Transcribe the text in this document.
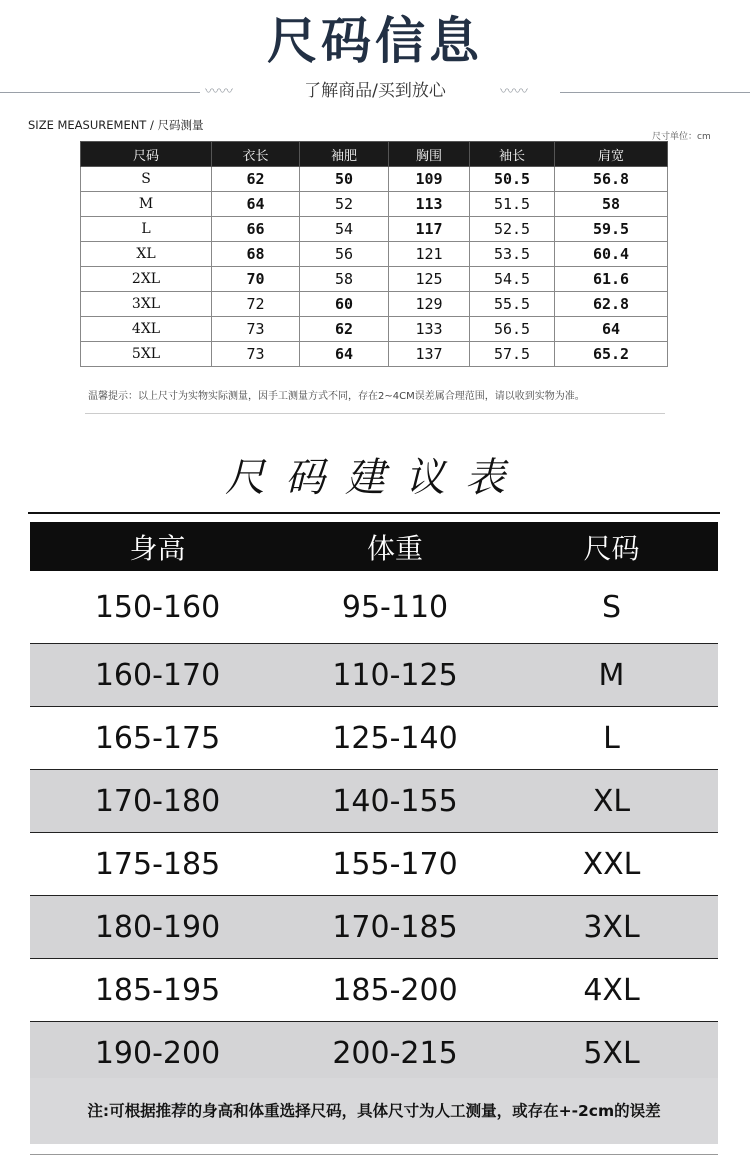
尺码信息
〰〰	了解商品/买到放心	〰〰
SIZE MEASUREMENT / 尺码测量
尺寸单位：cm
尺码	衣长	袖肥	胸围	袖长	肩宽
S	62	50	109	50.5	56.8
M	64	52	113	51.5	58
L	66	54	117	52.5	59.5
XL	68	56	121	53.5	60.4
2XL	70	58	125	54.5	61.6
3XL	72	60	129	55.5	62.8
4XL	73	62	133	56.5	64
5XL	73	64	137	57.5	65.2
温馨提示：以上尺寸为实物实际测量，因手工测量方式不同，存在2~4CM误差属合理范围，请以收到实物为准。
尺码建议表
身高	体重	尺码
150-160	95-110	S
160-170	110-125	M
165-175	125-140	L
170-180	140-155	XL
175-185	155-170	XXL
180-190	170-185	3XL
185-195	185-200	4XL
190-200	200-215	5XL
注:可根据推荐的身高和体重选择尺码，具体尺寸为人工测量，或存在+-2cm的误差
